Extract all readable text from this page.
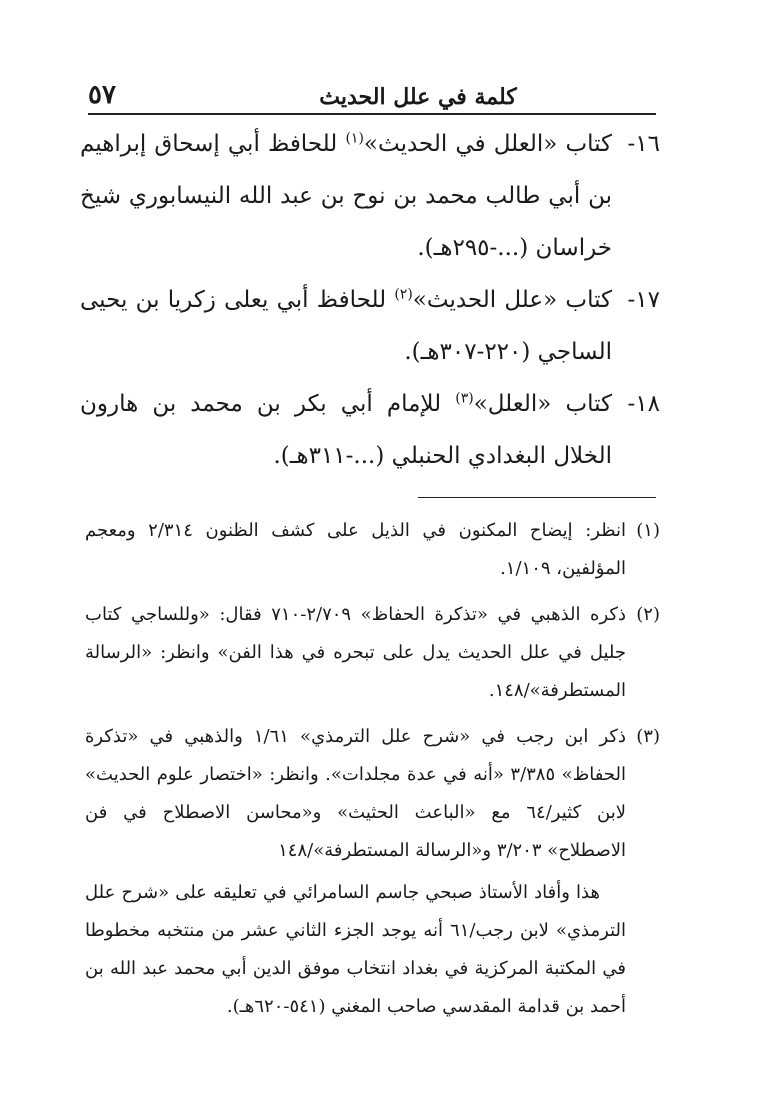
٥٧	كلمة في علل الحديث
١٦-
كتاب «العلل في الحديث»$^{(١)}$ للحافظ أبي إسحاق إبراهيم بن أبي طالب محمد بن نوح بن عبد الله النيسابوري شيخ خراسان (...-٢٩٥هـ).
١٧-
كتاب «علل الحديث»$^{(٢)}$ للحافظ أبي يعلى زكريا بن يحيى الساجي (٢٢٠-٣٠٧هـ).
١٨-
كتاب «العلل»$^{(٣)}$ للإمام أبي بكر بن محمد بن هارون الخلال البغدادي الحنبلي (...-٣١١هـ).
(١)
انظر: إيضاح المكنون في الذيل على كشف الظنون ٢/٣١٤ ومعجم المؤلفين، ١/١٠٩.
(٢)
ذكره الذهبي في «تذكرة الحفاظ» ٢/٧٠٩-٧١٠ فقال: «وللساجي كتاب جليل في علل الحديث يدل على تبحره في هذا الفن» وانظر: «الرسالة المستطرفة»/١٤٨.
(٣)
ذكر ابن رجب في «شرح علل الترمذي» ١/٦١ والذهبي في «تذكرة الحفاظ» ٣/٣٨٥ «أنه في عدة مجلدات». وانظر: «اختصار علوم الحديث» لابن كثير/٦٤ مع «الباعث الحثيث» و«محاسن الاصطلاح في فن الاصطلاح» ٣/٢٠٣ و«الرسالة المستطرفة»/١٤٨
هذا وأفاد الأستاذ صبحي جاسم السامرائي في تعليقه على «شرح علل الترمذي» لابن رجب/٦١ أنه يوجد الجزء الثاني عشر من منتخبه مخطوطا في المكتبة المركزية في بغداد انتخاب موفق الدين أبي محمد عبد الله بن أحمد بن قدامة المقدسي صاحب المغني (٥٤١-٦٢٠هـ).
